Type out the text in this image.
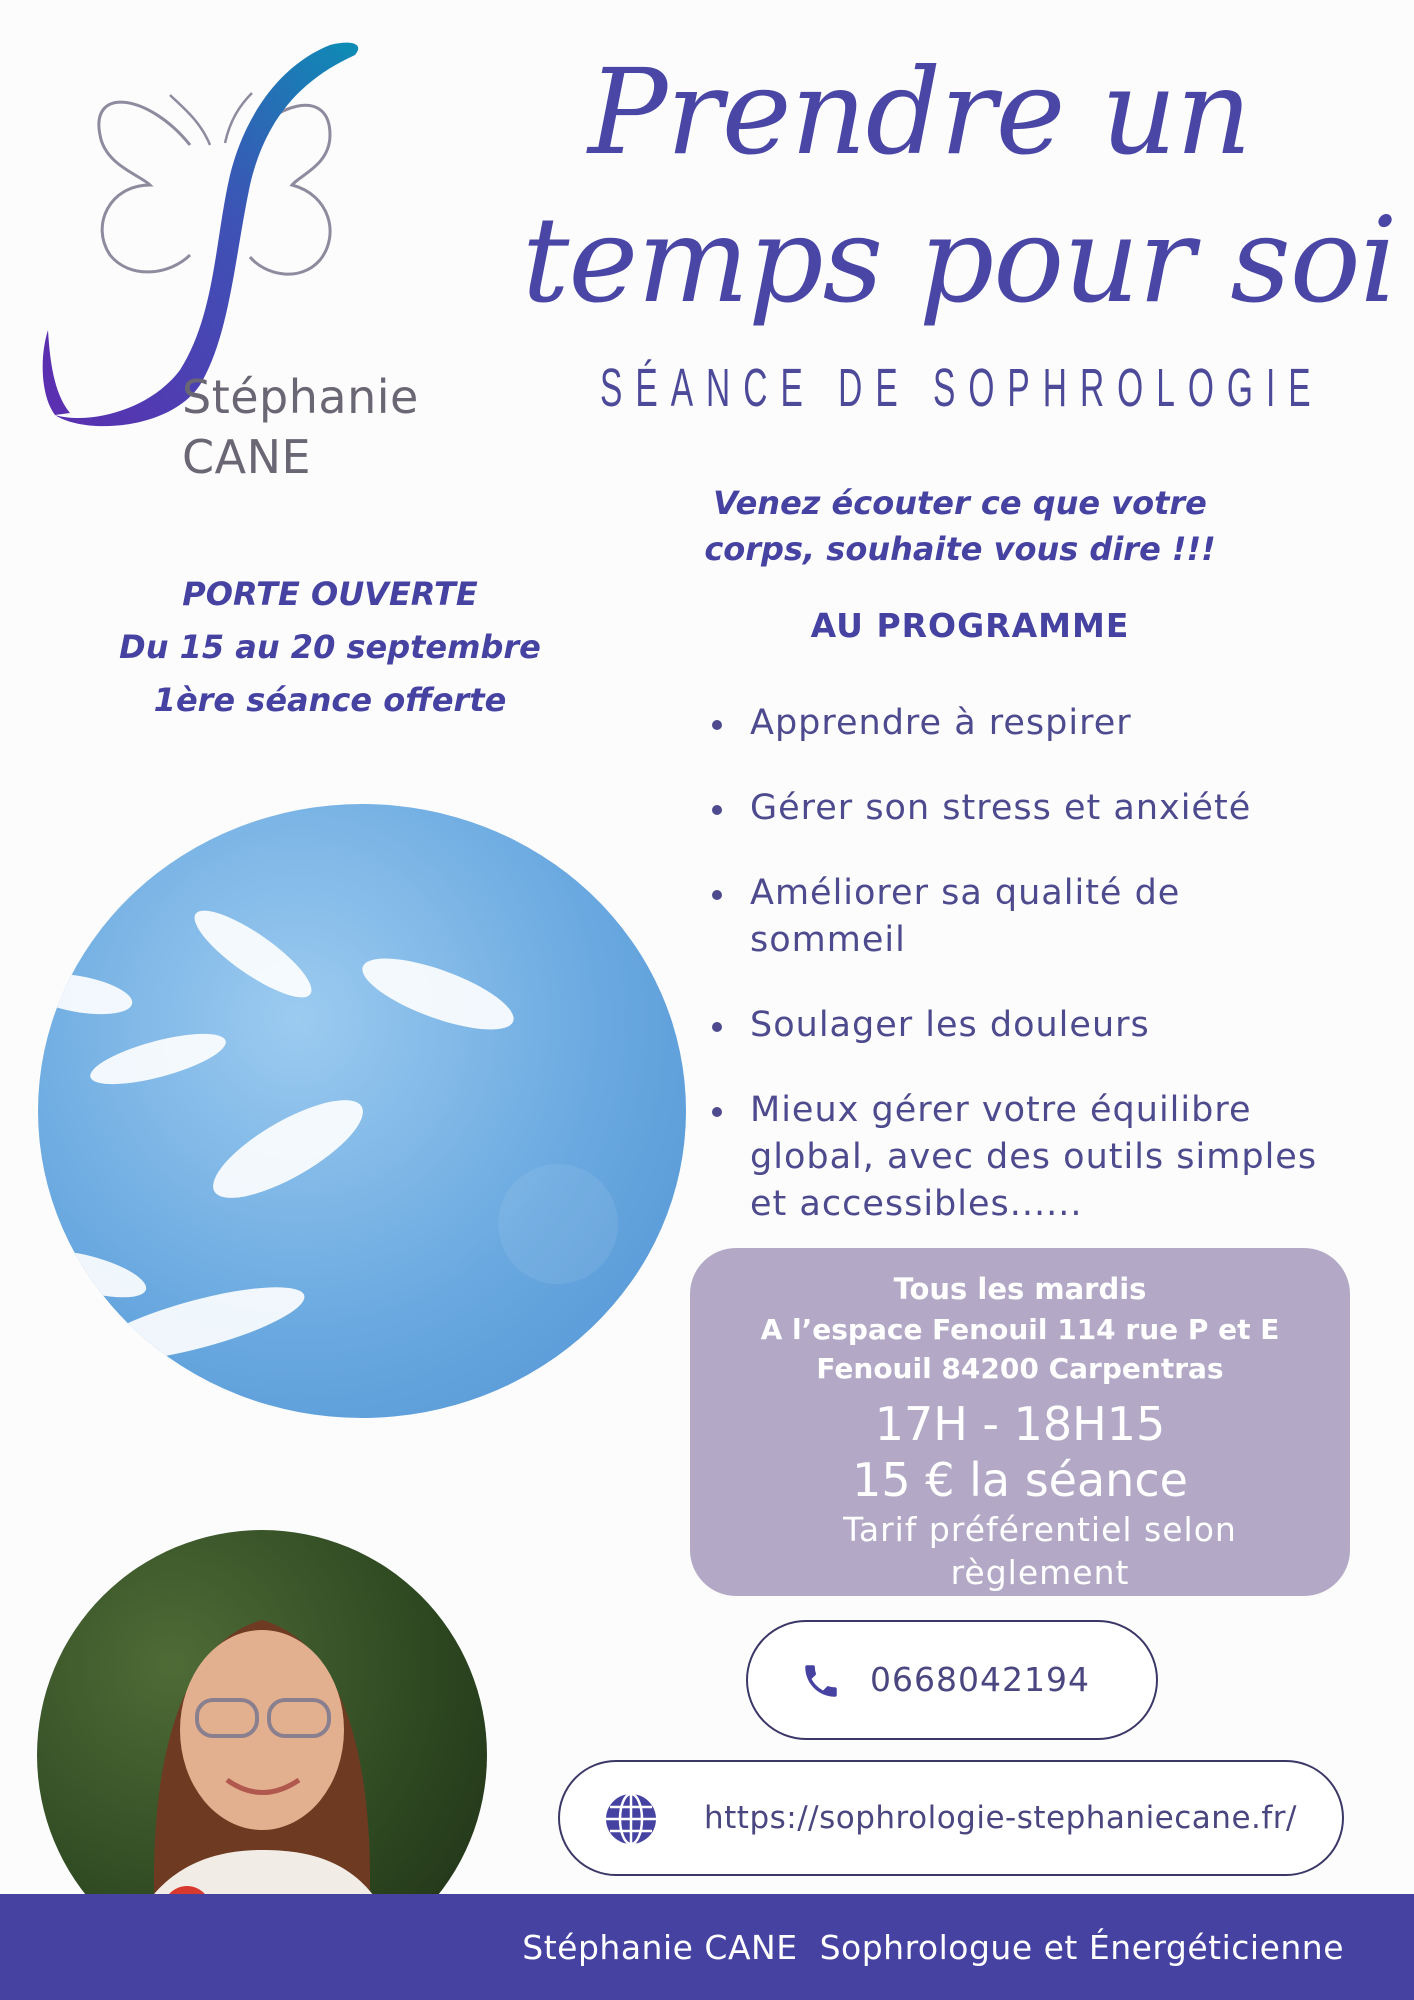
Stéphanie
CANE
Prendre un
temps pour soi
SÉANCE DE SOPHROLOGIE
PORTE OUVERTE
Du 15 au 20 septembre
1ère séance offerte
Venez écouter ce que votre
corps, souhaite vous dire !!!
AU PROGRAMME
Apprendre à respirer
Gérer son stress et anxiété
Améliorer sa qualité de sommeil
Soulager les douleurs
Mieux gérer votre équilibre global, avec des outils simples et accessibles......
Tous les mardis
A l’espace Fenouil 114 rue P et E Fenouil 84200 Carpentras
17H - 18H15
15 € la séance
Tarif préférentiel selon règlement
0668042194
https://sophrologie-stephaniecane.fr/
Stéphanie CANE  Sophrologue et Énergéticienne
